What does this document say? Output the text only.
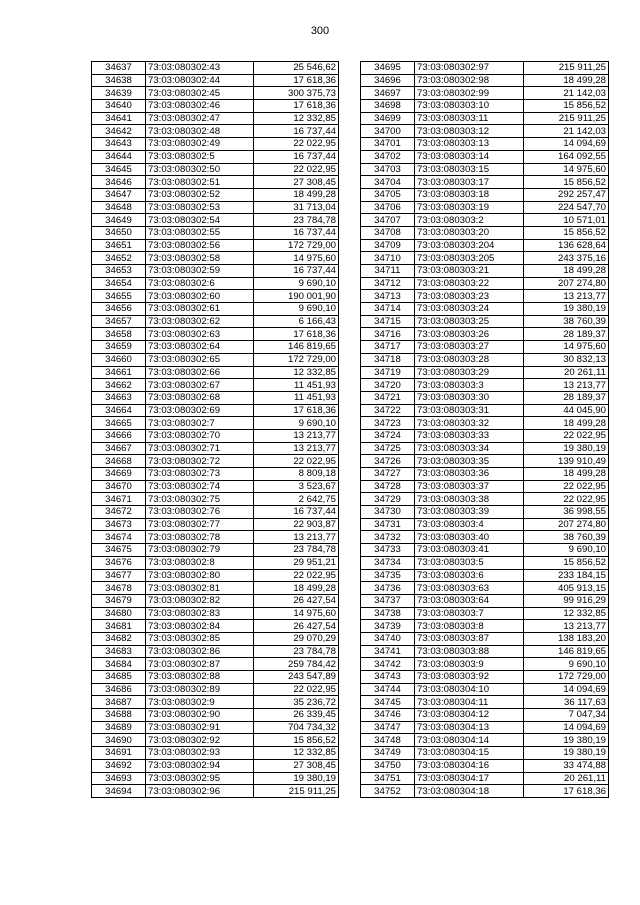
300
34637	73:03:080302:43	25 546,62
34638	73:03:080302:44	17 618,36
34639	73:03:080302:45	300 375,73
34640	73:03:080302:46	17 618,36
34641	73:03:080302:47	12 332,85
34642	73:03:080302:48	16 737,44
34643	73:03:080302:49	22 022,95
34644	73:03:080302:5	16 737,44
34645	73:03:080302:50	22 022,95
34646	73:03:080302:51	27 308,45
34647	73:03:080302:52	18 499,28
34648	73:03:080302:53	31 713,04
34649	73:03:080302:54	23 784,78
34650	73:03:080302:55	16 737,44
34651	73:03:080302:56	172 729,00
34652	73:03:080302:58	14 975,60
34653	73:03:080302:59	16 737,44
34654	73:03:080302:6	9 690,10
34655	73:03:080302:60	190 001,90
34656	73:03:080302:61	9 690,10
34657	73:03:080302:62	6 166,43
34658	73:03:080302:63	17 618,36
34659	73:03:080302:64	146 819,65
34660	73:03:080302:65	172 729,00
34661	73:03:080302:66	12 332,85
34662	73:03:080302:67	11 451,93
34663	73:03:080302:68	11 451,93
34664	73:03:080302:69	17 618,36
34665	73:03:080302:7	9 690,10
34666	73:03:080302:70	13 213,77
34667	73:03:080302:71	13 213,77
34668	73:03:080302:72	22 022,95
34669	73:03:080302:73	8 809,18
34670	73:03:080302:74	3 523,67
34671	73:03:080302:75	2 642,75
34672	73:03:080302:76	16 737,44
34673	73:03:080302:77	22 903,87
34674	73:03:080302:78	13 213,77
34675	73:03:080302:79	23 784,78
34676	73:03:080302:8	29 951,21
34677	73:03:080302:80	22 022,95
34678	73:03:080302:81	18 499,28
34679	73:03:080302:82	26 427,54
34680	73:03:080302:83	14 975,60
34681	73:03:080302:84	26 427,54
34682	73:03:080302:85	29 070,29
34683	73:03:080302:86	23 784,78
34684	73:03:080302:87	259 784,42
34685	73:03:080302:88	243 547,89
34686	73:03:080302:89	22 022,95
34687	73:03:080302:9	35 236,72
34688	73:03:080302:90	26 339,45
34689	73:03:080302:91	704 734,32
34690	73:03:080302:92	15 856,52
34691	73:03:080302:93	12 332,85
34692	73:03:080302:94	27 308,45
34693	73:03:080302:95	19 380,19
34694	73:03:080302:96	215 911,25
34695	73:03:080302:97	215 911,25
34696	73:03:080302:98	18 499,28
34697	73:03:080302:99	21 142,03
34698	73:03:080303:10	15 856,52
34699	73:03:080303:11	215 911,25
34700	73:03:080303:12	21 142,03
34701	73:03:080303:13	14 094,69
34702	73:03:080303:14	164 092,55
34703	73:03:080303:15	14 975,60
34704	73:03:080303:17	15 856,52
34705	73:03:080303:18	292 257,47
34706	73:03:080303:19	224 547,70
34707	73:03:080303:2	10 571,01
34708	73:03:080303:20	15 856,52
34709	73:03:080303:204	136 628,64
34710	73:03:080303:205	243 375,16
34711	73:03:080303:21	18 499,28
34712	73:03:080303:22	207 274,80
34713	73:03:080303:23	13 213,77
34714	73:03:080303:24	19 380,19
34715	73:03:080303:25	38 760,39
34716	73:03:080303:26	28 189,37
34717	73:03:080303:27	14 975,60
34718	73:03:080303:28	30 832,13
34719	73:03:080303:29	20 261,11
34720	73:03:080303:3	13 213,77
34721	73:03:080303:30	28 189,37
34722	73:03:080303:31	44 045,90
34723	73:03:080303:32	18 499,28
34724	73:03:080303:33	22 022,95
34725	73:03:080303:34	19 380,19
34726	73:03:080303:35	139 910,49
34727	73:03:080303:36	18 499,28
34728	73:03:080303:37	22 022,95
34729	73:03:080303:38	22 022,95
34730	73:03:080303:39	36 998,55
34731	73:03:080303:4	207 274,80
34732	73:03:080303:40	38 760,39
34733	73:03:080303:41	9 690,10
34734	73:03:080303:5	15 856,52
34735	73:03:080303:6	233 184,15
34736	73:03:080303:63	405 913,15
34737	73:03:080303:64	99 916,29
34738	73:03:080303:7	12 332,85
34739	73:03:080303:8	13 213,77
34740	73:03:080303:87	138 183,20
34741	73:03:080303:88	146 819,65
34742	73:03:080303:9	9 690,10
34743	73:03:080303:92	172 729,00
34744	73:03:080304:10	14 094,69
34745	73:03:080304:11	36 117,63
34746	73:03:080304:12	7 047,34
34747	73:03:080304:13	14 094,69
34748	73:03:080304:14	19 380,19
34749	73:03:080304:15	19 380,19
34750	73:03:080304:16	33 474,88
34751	73:03:080304:17	20 261,11
34752	73:03:080304:18	17 618,36
